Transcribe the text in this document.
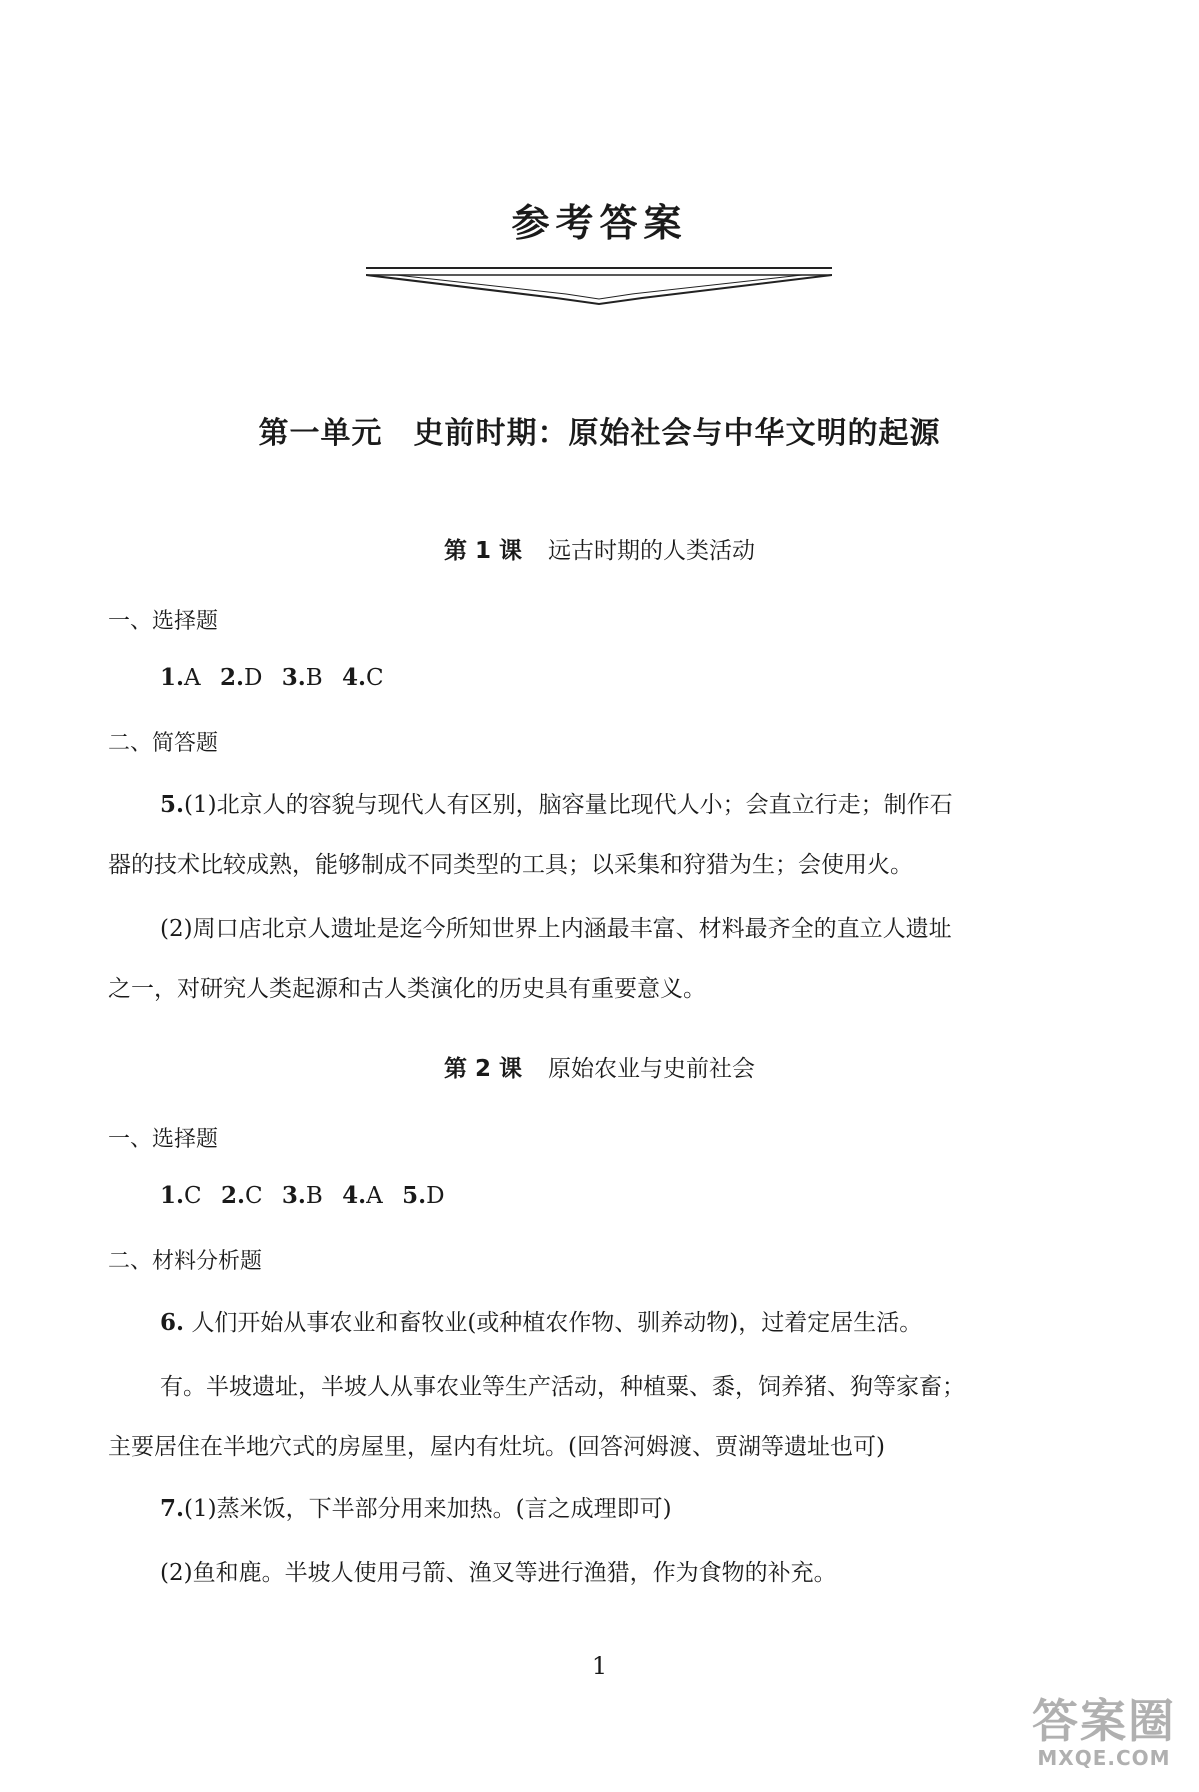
参考答案
第一单元　史前时期：原始社会与中华文明的起源
第 1 课 远古时期的人类活动
一、选择题
1.A 2.D 3.B 4.C
二、简答题
5.(1)北京人的容貌与现代人有区别，脑容量比现代人小；会直立行走；制作石
器的技术比较成熟，能够制成不同类型的工具；以采集和狩猎为生；会使用火。
(2)周口店北京人遗址是迄今所知世界上内涵最丰富、材料最齐全的直立人遗址
之一，对研究人类起源和古人类演化的历史具有重要意义。
第 2 课 原始农业与史前社会
一、选择题
1.C 2.C 3.B 4.A 5.D
二、材料分析题
6. 人们开始从事农业和畜牧业(或种植农作物、驯养动物)，过着定居生活。
有。半坡遗址，半坡人从事农业等生产活动，种植粟、黍，饲养猪、狗等家畜；
主要居住在半地穴式的房屋里，屋内有灶坑。(回答河姆渡、贾湖等遗址也可)
7.(1)蒸米饭，下半部分用来加热。(言之成理即可)
(2)鱼和鹿。半坡人使用弓箭、渔叉等进行渔猎，作为食物的补充。
1
答案圈
MXQE.COM
